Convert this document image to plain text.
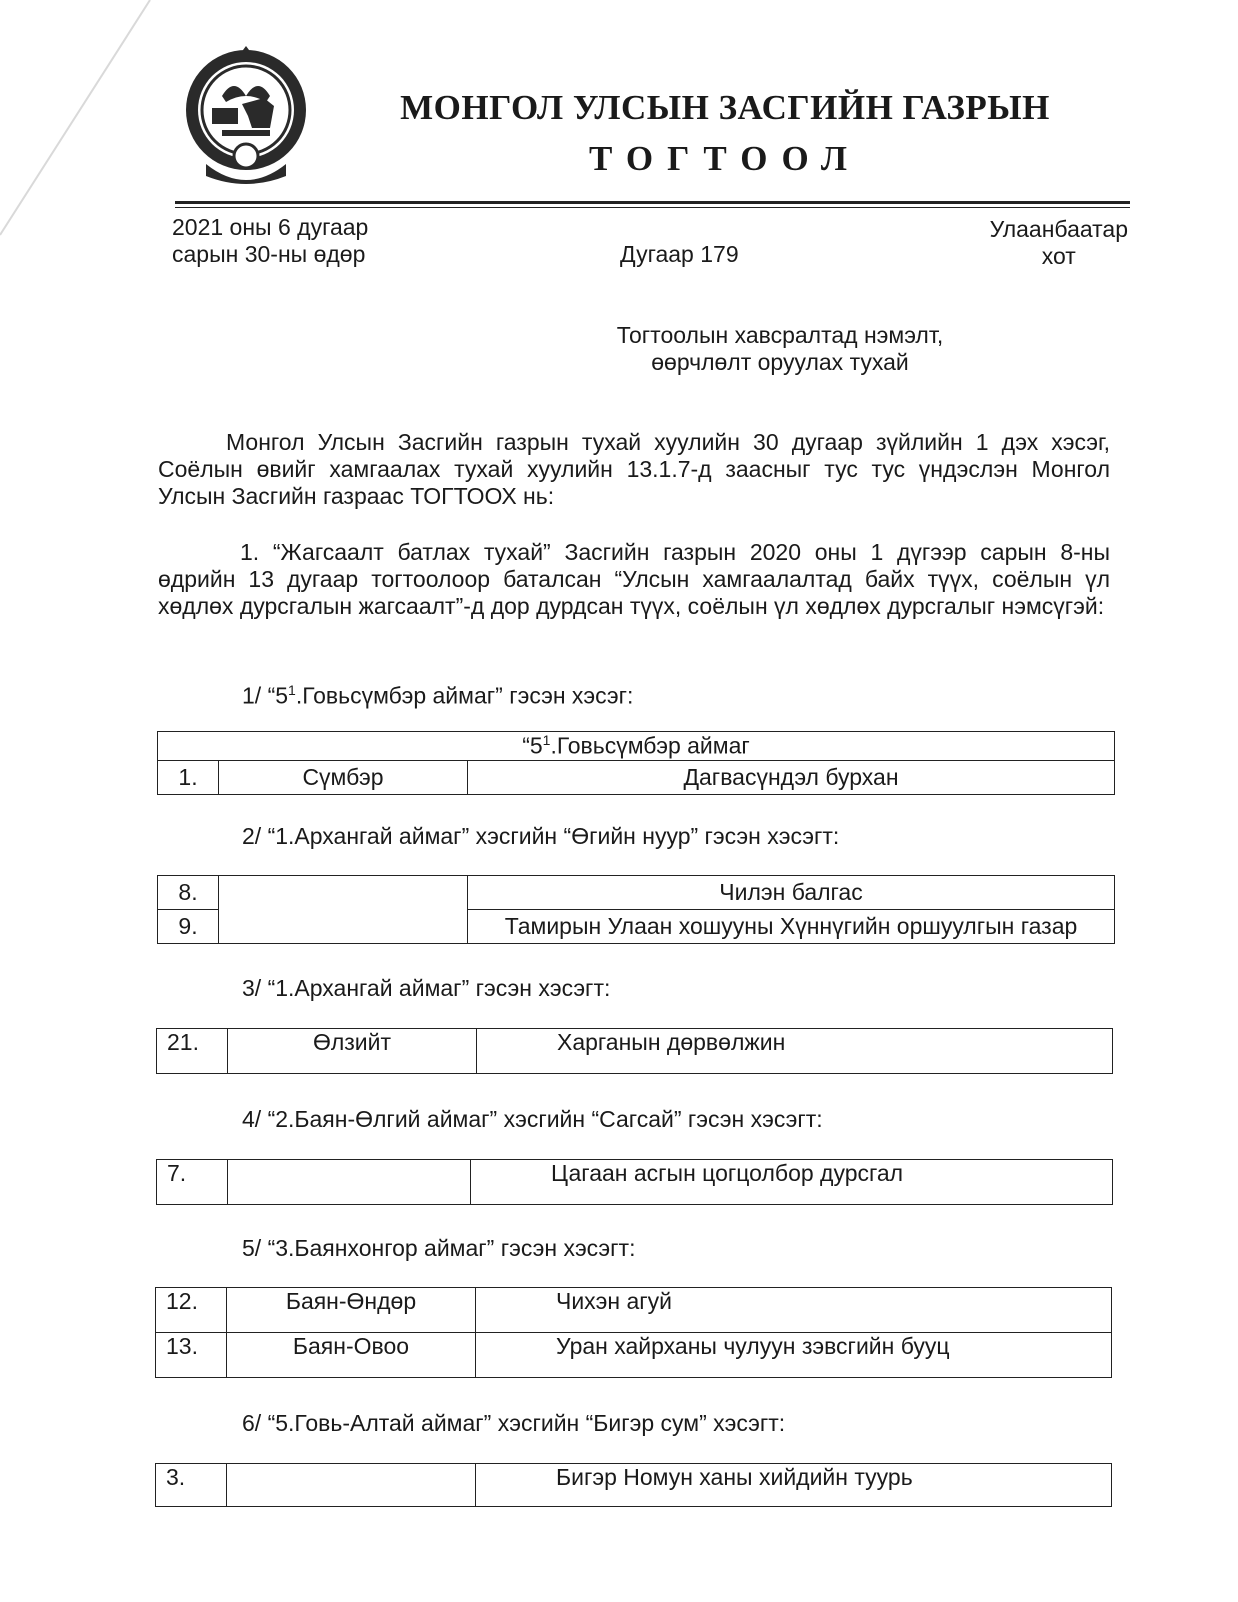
МОНГОЛ УЛСЫН ЗАСГИЙН ГАЗРЫН
ТОГТООЛ
2021 оны 6 дугаар
сарын 30-ны өдөр	Дугаар 179
Улаанбаатар
хот
Тогтоолын хавсралтад нэмэлт,
өөрчлөлт оруулах тухай
Монгол Улсын Засгийн газрын тухай хуулийн 30 дугаар зүйлийн 1 дэх хэсэг, Соёлын өвийг хамгаалах тухай хуулийн 13.1.7-д заасныг тус тус үндэслэн Монгол Улсын Засгийн газраас ТОГТООХ нь:
1. “Жагсаалт батлах тухай” Засгийн газрын 2020 оны 1 дүгээр сарын 8-ны өдрийн 13 дугаар тогтоолоор баталсан “Улсын хамгаалалтад байх түүх, соёлын үл хөдлөх дурсгалын жагсаалт”-д дор дурдсан түүх, соёлын үл хөдлөх дурсгалыг нэмсүгэй:
1/ “$5^1.Говьсүмбэр$ аймаг” гэсэн хэсэг:
“$5^1.Говьсүмбэр$ аймаг
1.	Сүмбэр	Дагвасүндэл бурхан
2/ “1.Архангай аймаг” хэсгийн “Өгийн нуур” гэсэн хэсэгт:
8.		Чилэн балгас
9.		Тамирын Улаан хошууны Хүннүгийн оршуулгын газар
3/ “1.Архангай аймаг” гэсэн хэсэгт:
21.	Өлзийт	Харганын дөрвөлжин
4/ “2.Баян-Өлгий аймаг” хэсгийн “Сагсай” гэсэн хэсэгт:
7.		Цагаан асгын цогцолбор дурсгал
5/ “3.Баянхонгор аймаг” гэсэн хэсэгт:
12.	Баян-Өндөр	Чихэн агуй
13.	Баян-Овоо	Уран хайрханы чулуун зэвсгийн бууц
6/ “5.Говь-Алтай аймаг” хэсгийн “Бигэр сум” хэсэгт:
3.		Бигэр Номун ханы хийдийн туурь
